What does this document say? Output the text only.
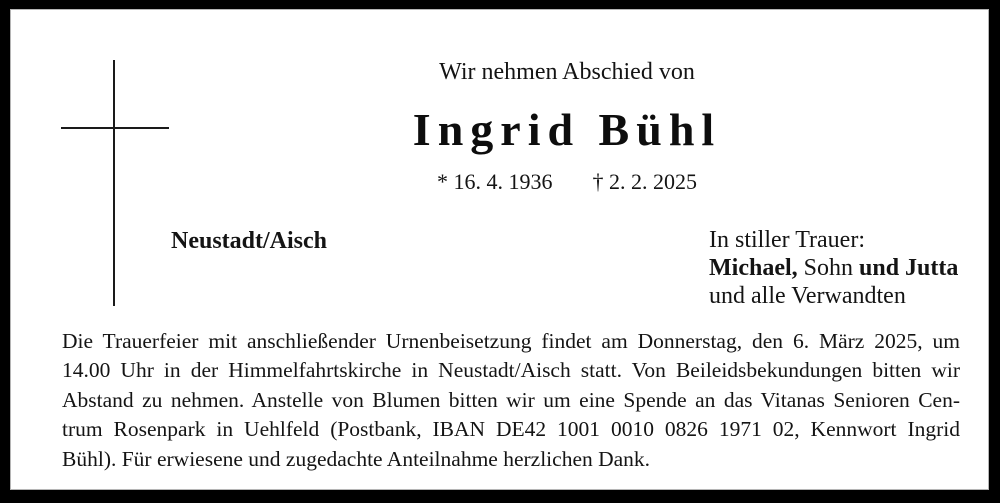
Wir nehmen Abschied von
Ingrid Bühl
* 16. 4. 1936 † 2. 2. 2025
Neustadt/Aisch	In stiller Trauer:
Michael, Sohn und Jutta
und alle Verwandten
Die Trauerfeier mit anschließender Urnenbeisetzung findet am Donnerstag, den 6. März 2025, um
14.00 Uhr in der Himmelfahrtskirche in Neustadt/Aisch statt. Von Beileidsbekundungen bitten wir
Abstand zu nehmen. Anstelle von Blumen bitten wir um eine Spende an das Vitanas Senioren Cen-
trum Rosenpark in Uehlfeld (Postbank, IBAN DE42 1001 0010 0826 1971 02, Kennwort Ingrid
Bühl). Für erwiesene und zugedachte Anteilnahme herzlichen Dank.
